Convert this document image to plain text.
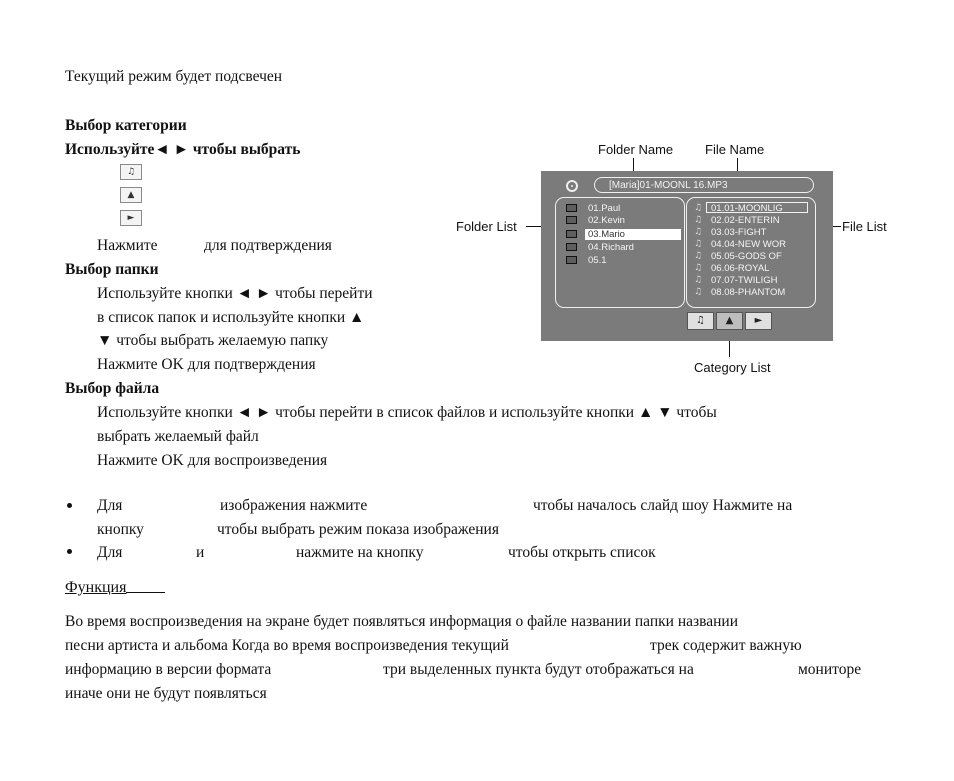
Текущий режим будет подсвечен
Выбор категории
Используйте◄ ► чтобы выбрать
♫
▲
►
Нажмите	для подтверждения
Выбор папки
Используйте кнопки ◄ ► чтобы перейти
в список папок и используйте кнопки ▲
▼ чтобы выбрать желаемую папку
Нажмите OK для подтверждения
Выбор файла
Используйте кнопки ◄ ► чтобы перейти в список файлов и используйте кнопки ▲ ▼ чтобы
выбрать желаемый файл
Нажмите OK для воспроизведения
Для	изображения нажмите	чтобы началось слайд шоу Нажмите на
кнопку	чтобы выбрать режим показа изображения
Для	и	нажмите на кнопку	чтобы открыть список
Функция
Во время воспроизведения на экране будет появляться информация о файле названии папки названии
песни артиста и альбома Когда во время воспроизведения текущий	трек содержит важную
информацию в версии формата	три выделенных пункта будут отображаться на	мониторе
иначе они не будут появляться
Folder Name File Name
Folder List	File List
Category List
[Maria]01-MOONL 16.MP3
01.Paul
02.Kevin
03.Mario
04.Richard
05.1
♫ 01.01-MOONLIG
♫ 02.02-ENTERIN
♫ 03.03-FIGHT
♫ 04.04-NEW WOR
♫ 05.05-GODS OF
♫ 06.06-ROYAL
♫ 07.07-TWILIGH
♫ 08.08-PHANTOM
♫	▲	►
